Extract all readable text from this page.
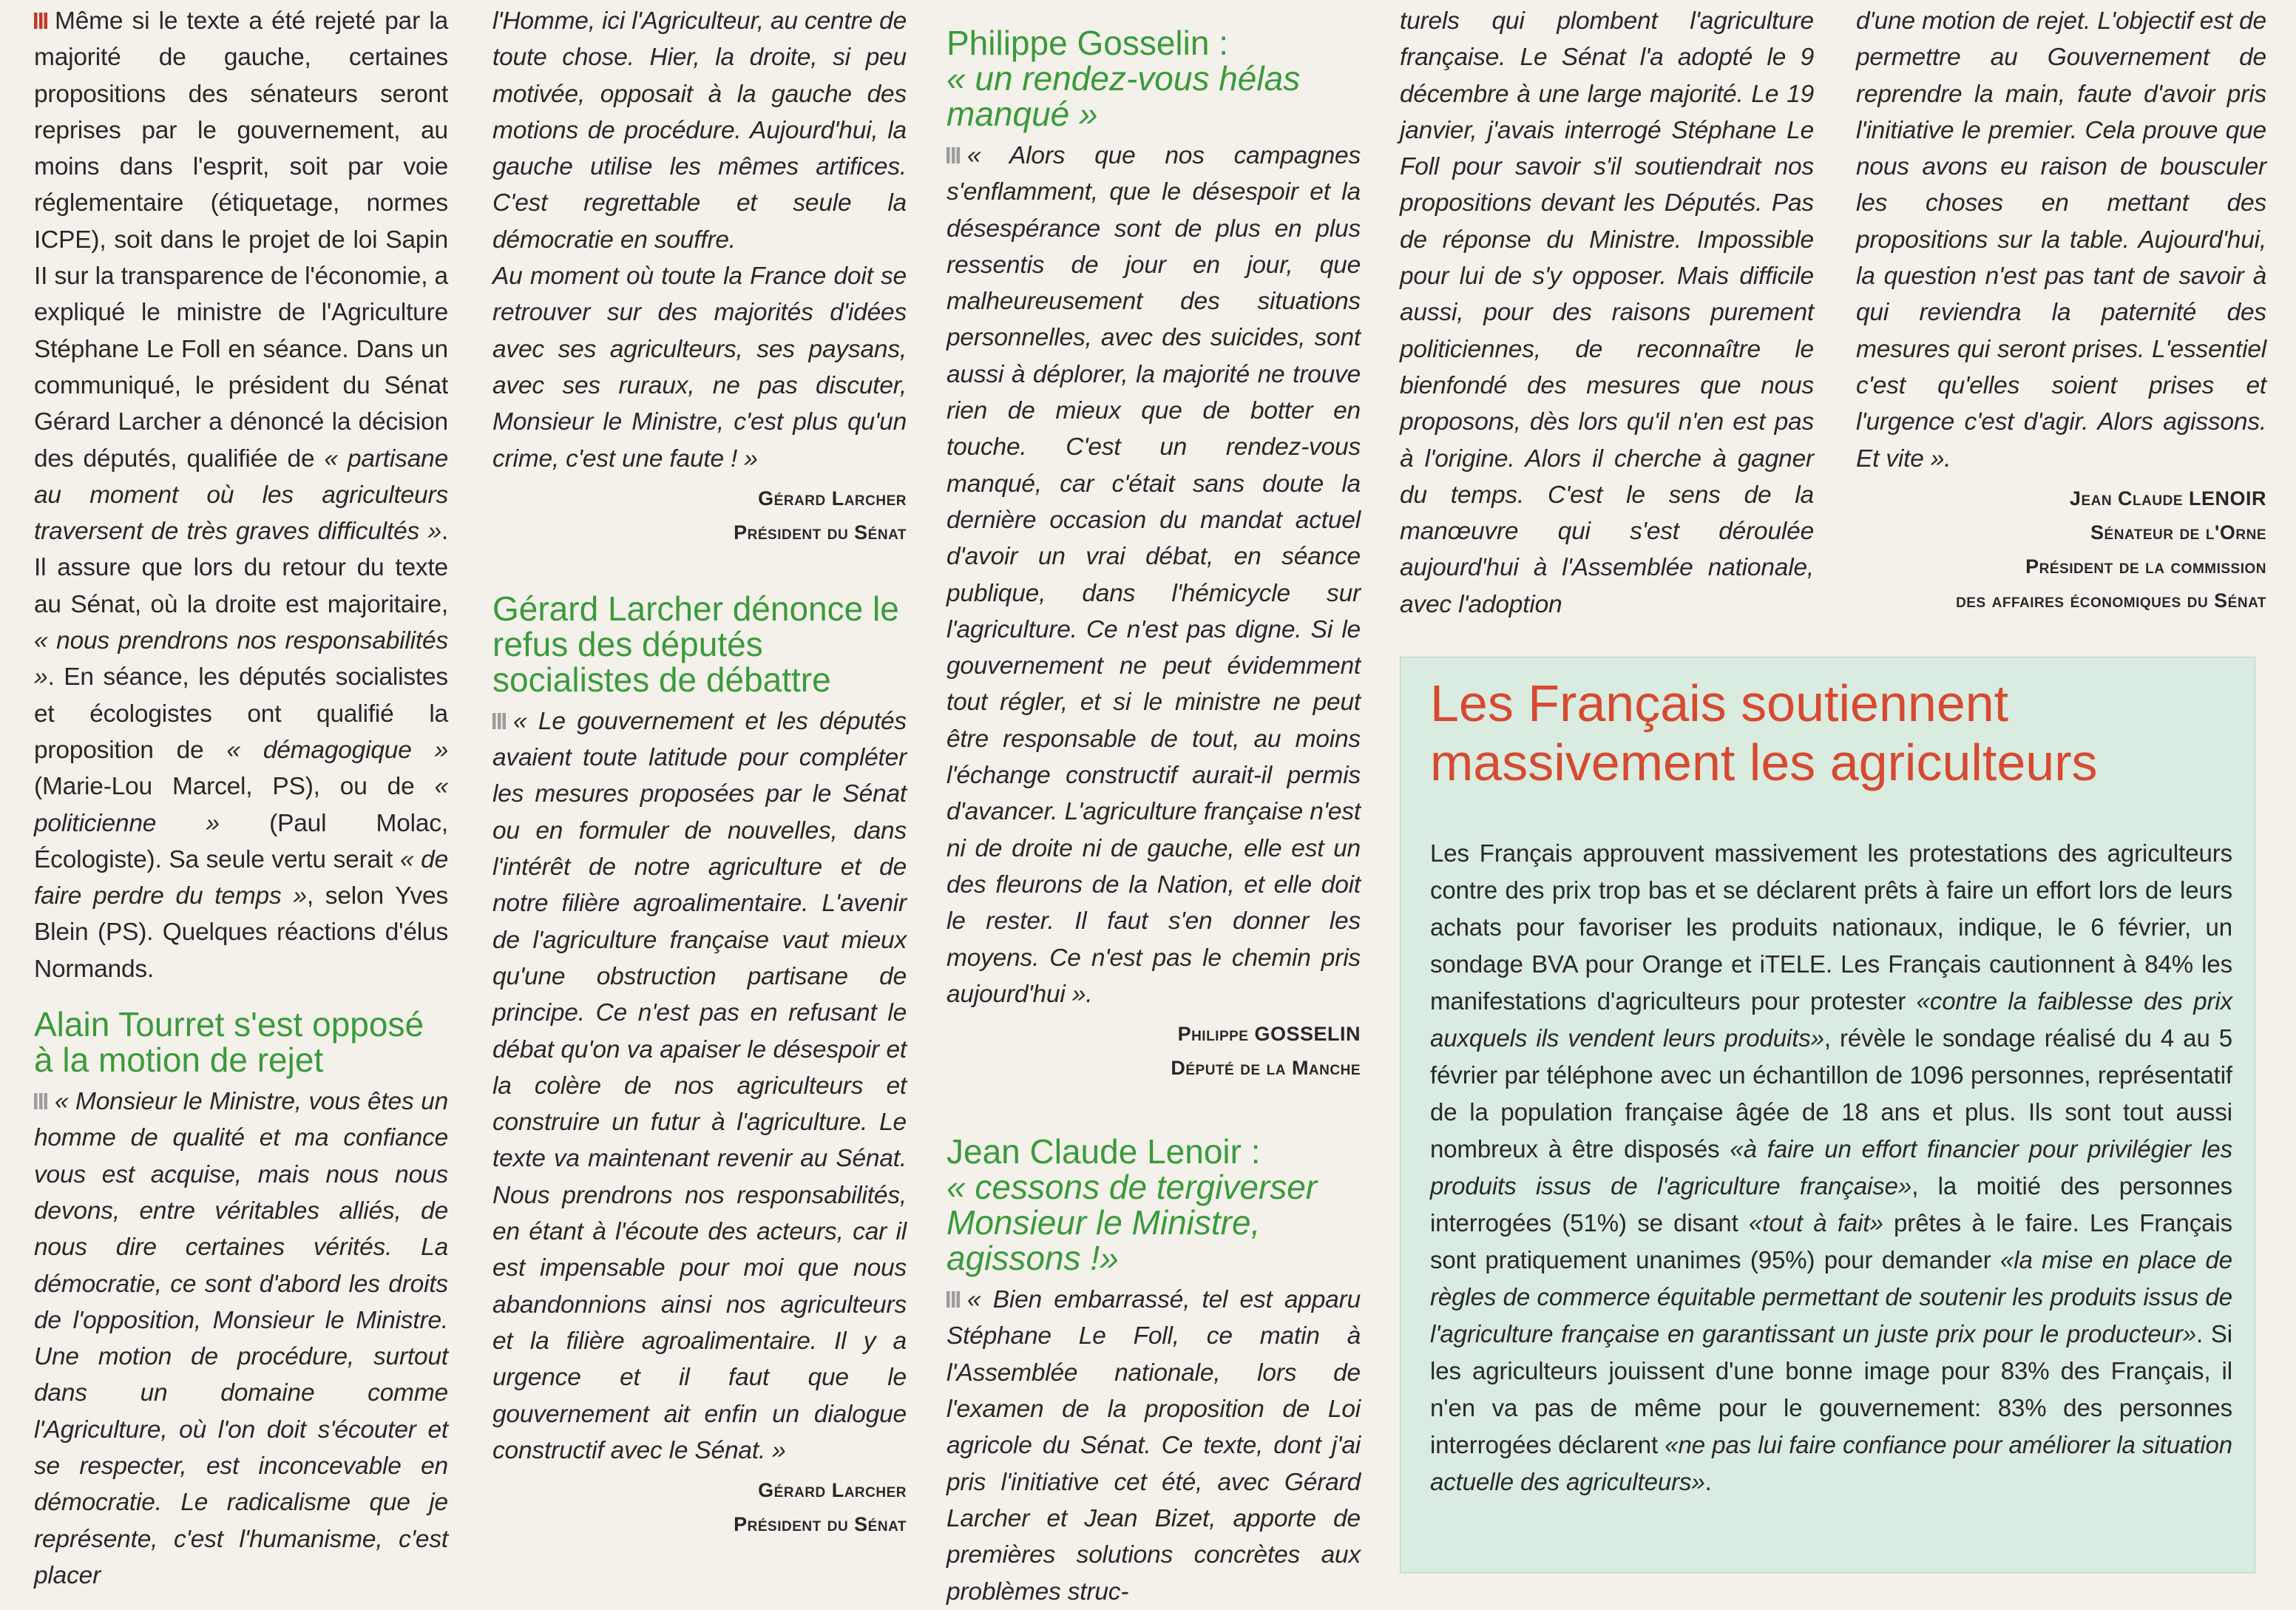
Même si le texte a été rejeté par la majorité de gauche, certaines propositions des sénateurs seront reprises par le gouvernement, au moins dans l'esprit, soit par voie réglementaire (étiquetage, normes ICPE), soit dans le projet de loi Sapin II sur la transparence de l'économie, a expliqué le ministre de l'Agriculture Stéphane Le Foll en séance. Dans un communiqué, le président du Sénat Gérard Larcher a dénoncé la décision des députés, qualifiée de « partisane au moment où les agriculteurs traversent de très graves difficultés ». Il assure que lors du retour du texte au Sénat, où la droite est majoritaire, « nous prendrons nos responsabilités ». En séance, les députés socialistes et écologistes ont qualifié la proposition de « démagogique » (Marie-Lou Marcel, PS), ou de « politicienne » (Paul Molac, Écologiste). Sa seule vertu serait « de faire perdre du temps », selon Yves Blein (PS). Quelques réactions d'élus Normands.

Alain Tourret s'est opposé à la motion de rejet

« Monsieur le Ministre, vous êtes un homme de qualité et ma confiance vous est acquise, mais nous nous devons, entre véritables alliés, de nous dire certaines vérités. La démocratie, ce sont d'abord les droits de l'opposition, Monsieur le Ministre. Une motion de procédure, surtout dans un domaine comme l'Agriculture, où l'on doit s'écouter et se respecter, est inconcevable en démocratie. Le radicalisme que je représente, c'est l'humanisme, c'est placer

l'Homme, ici l'Agriculteur, au centre de toute chose. Hier, la droite, si peu motivée, opposait à la gauche des motions de procédure. Aujourd'hui, la gauche utilise les mêmes artifices. C'est regrettable et seule la démocratie en souffre.

Au moment où toute la France doit se retrouver sur des majorités d'idées avec ses agriculteurs, ses paysans, avec ses ruraux, ne pas discuter, Monsieur le Ministre, c'est plus qu'un crime, c'est une faute ! »

Gérard Larcher
Président du Sénat
Gérard Larcher dénonce le refus des députés socialistes de débattre

« Le gouvernement et les députés avaient toute latitude pour compléter les mesures proposées par le Sénat ou en formuler de nouvelles, dans l'intérêt de notre agriculture et de notre filière agroalimentaire. L'avenir de l'agriculture française vaut mieux qu'une obstruction partisane de principe. Ce n'est pas en refusant le débat qu'on va apaiser le désespoir et la colère de nos agriculteurs et construire un futur à l'agriculture. Le texte va maintenant revenir au Sénat. Nous prendrons nos responsabilités, en étant à l'écoute des acteurs, car il est impensable pour moi que nous abandonnions ainsi nos agriculteurs et la filière agroalimentaire. Il y a urgence et il faut que le gouvernement ait enfin un dialogue constructif avec le Sénat. »

Gérard Larcher
Président du Sénat
Philippe Gosselin :
« un rendez-vous hélas manqué »

« Alors que nos campagnes s'enflamment, que le désespoir et la désespérance sont de plus en plus ressentis de jour en jour, que malheureusement des situations personnelles, avec des suicides, sont aussi à déplorer, la majorité ne trouve rien de mieux que de botter en touche. C'est un rendez-vous manqué, car c'était sans doute la dernière occasion du mandat actuel d'avoir un vrai débat, en séance publique, dans l'hémicycle sur l'agriculture. Ce n'est pas digne. Si le gouvernement ne peut évidemment tout régler, et si le ministre ne peut être responsable de tout, au moins l'échange constructif aurait-il permis d'avancer. L'agriculture française n'est ni de droite ni de gauche, elle est un des fleurons de la Nation, et elle doit le rester. Il faut s'en donner les moyens. Ce n'est pas le chemin pris aujourd'hui ».

Philippe GOSSELIN
Député de la Manche
Jean Claude Lenoir :
« cessons de tergiverser Monsieur le Ministre, agissons !»

« Bien embarrassé, tel est apparu Stéphane Le Foll, ce matin à l'Assemblée nationale, lors de l'examen de la proposition de Loi agricole du Sénat. Ce texte, dont j'ai pris l'initiative cet été, avec Gérard Larcher et Jean Bizet, apporte de premières solutions concrètes aux problèmes struc-

turels qui plombent l'agriculture française. Le Sénat l'a adopté le 9 décembre à une large majorité. Le 19 janvier, j'avais interrogé Stéphane Le Foll pour savoir s'il soutiendrait nos propositions devant les Députés. Pas de réponse du Ministre. Impossible pour lui de s'y opposer. Mais difficile aussi, pour des raisons purement politiciennes, de reconnaître le bienfondé des mesures que nous proposons, dès lors qu'il n'en est pas à l'origine. Alors il cherche à gagner du temps. C'est le sens de la manœuvre qui s'est déroulée aujourd'hui à l'Assemblée nationale, avec l'adoption

d'une motion de rejet. L'objectif est de permettre au Gouvernement de reprendre la main, faute d'avoir pris l'initiative le premier. Cela prouve que nous avons eu raison de bousculer les choses en mettant des propositions sur la table. Aujourd'hui, la question n'est pas tant de savoir à qui reviendra la paternité des mesures qui seront prises. L'essentiel c'est qu'elles soient prises et l'urgence c'est d'agir. Alors agissons. Et vite ».

Jean Claude LENOIR
Sénateur de l'Orne
Président de la commission
des affaires économiques du Sénat
Les Français soutiennent massivement les agriculteurs

Les Français approuvent massivement les protestations des agriculteurs contre des prix trop bas et se déclarent prêts à faire un effort lors de leurs achats pour favoriser les produits nationaux, indique, le 6 février, un sondage BVA pour Orange et iTELE. Les Français cautionnent à 84% les manifestations d'agriculteurs pour protester «contre la faiblesse des prix auxquels ils vendent leurs produits», révèle le sondage réalisé du 4 au 5 février par téléphone avec un échantillon de 1096 personnes, représentatif de la population française âgée de 18 ans et plus. Ils sont tout aussi nombreux à être disposés «à faire un effort financier pour privilégier les produits issus de l'agriculture française», la moitié des personnes interrogées (51%) se disant «tout à fait» prêtes à le faire. Les Français sont pratiquement unanimes (95%) pour demander «la mise en place de règles de commerce équitable permettant de soutenir les produits issus de l'agriculture française en garantissant un juste prix pour le producteur». Si les agriculteurs jouissent d'une bonne image pour 83% des Français, il n'en va pas de même pour le gouvernement: 83% des personnes interrogées déclarent «ne pas lui faire confiance pour améliorer la situation actuelle des agriculteurs».
